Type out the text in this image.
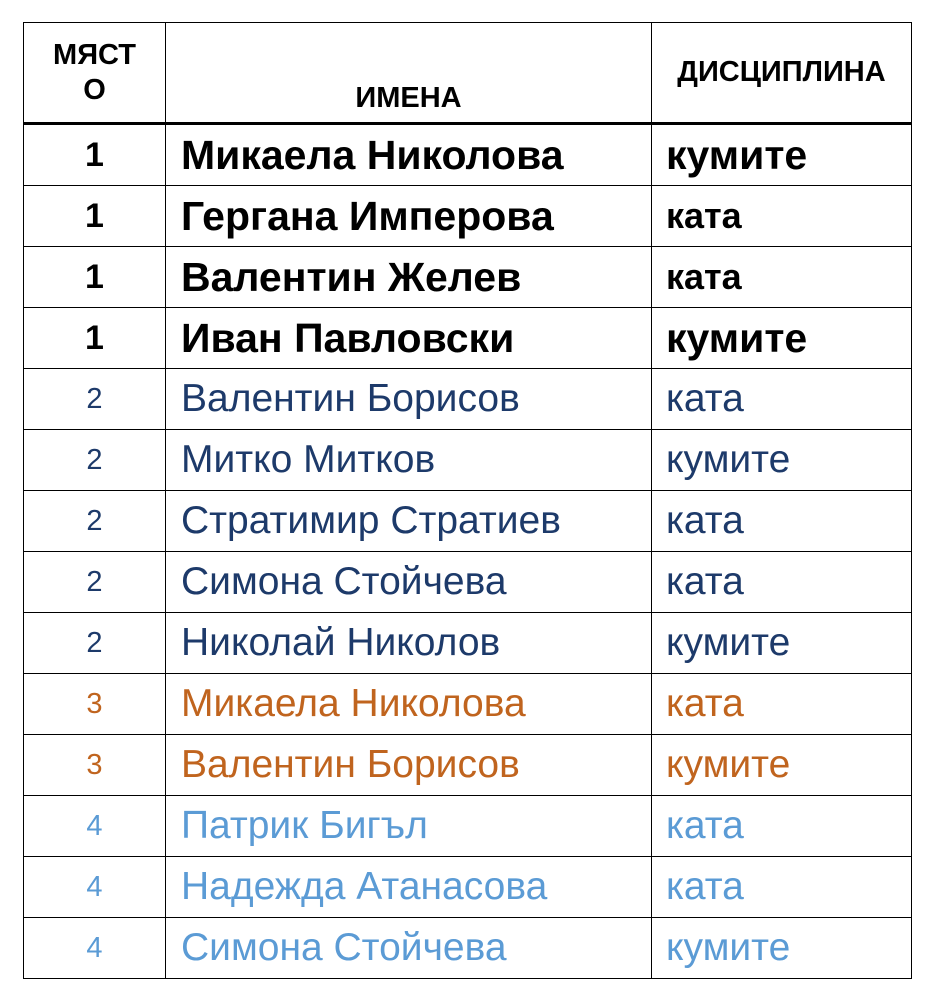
МЯСТО	ИМЕНА	ДИСЦИПЛИНА

1	Микаела Николова	кумите
1	Гергана Имперова	ката
1	Валентин Желев	ката
1	Иван Павловски	кумите
2	Валентин Борисов	ката
2	Митко Митков	кумите
2	Стратимир Стратиев	ката
2	Симона Стойчева	ката
2	Николай Николов	кумите
3	Микаела Николова	ката
3	Валентин Борисов	кумите
4	Патрик Бигъл	ката
4	Надежда Атанасова	ката
4	Симона Стойчева	кумите
